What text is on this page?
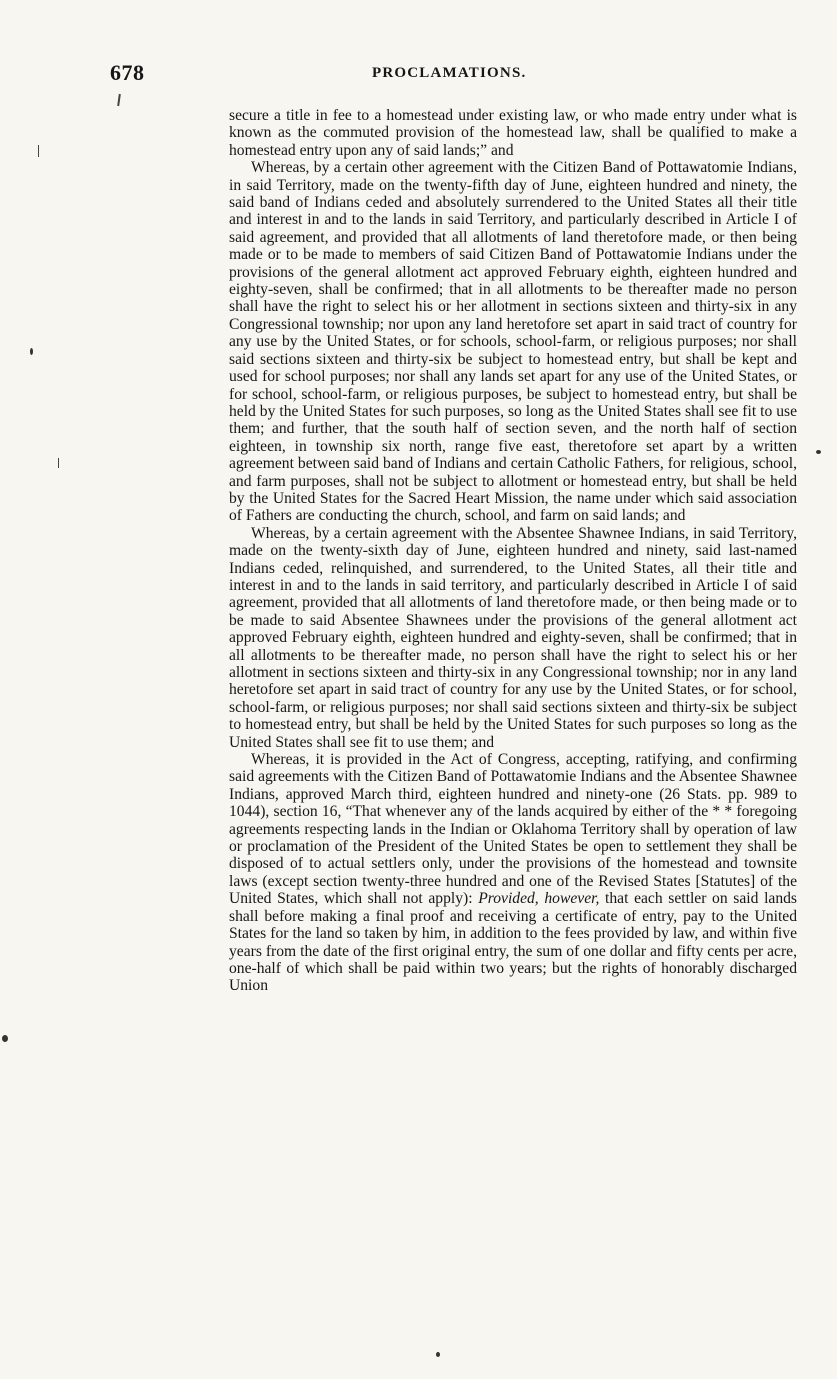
678	PROCLAMATIONS.

secure a title in fee to a homestead under existing law, or who made entry under what is known as the commuted provision of the homestead law, shall be qualified to make a homestead entry upon any of said lands;” and

Whereas, by a certain other agreement with the Citizen Band of Pottawatomie Indians, in said Territory, made on the twenty-fifth day of June, eighteen hundred and ninety, the said band of Indians ceded and absolutely surrendered to the United States all their title and interest in and to the lands in said Territory, and particularly described in Article I of said agreement, and provided that all allotments of land theretofore made, or then being made or to be made to members of said Citizen Band of Pottawatomie Indians under the provisions of the general allotment act approved February eighth, eighteen hundred and eighty-seven, shall be confirmed; that in all allotments to be thereafter made no person shall have the right to select his or her allotment in sections sixteen and thirty-six in any Congressional township; nor upon any land heretofore set apart in said tract of country for any use by the United States, or for schools, school-farm, or religious purposes; nor shall said sections sixteen and thirty-six be subject to homestead entry, but shall be kept and used for school purposes; nor shall any lands set apart for any use of the United States, or for school, school-farm, or religious purposes, be subject to homestead entry, but shall be held by the United States for such purposes, so long as the United States shall see fit to use them; and further, that the south half of section seven, and the north half of section eighteen, in township six north, range five east, theretofore set apart by a written agreement between said band of Indians and certain Catholic Fathers, for religious, school, and farm purposes, shall not be subject to allotment or homestead entry, but shall be held by the United States for the Sacred Heart Mission, the name under which said association of Fathers are conducting the church, school, and farm on said lands; and

Whereas, by a certain agreement with the Absentee Shawnee Indians, in said Territory, made on the twenty-sixth day of June, eighteen hundred and ninety, said last-named Indians ceded, relinquished, and surrendered, to the United States, all their title and interest in and to the lands in said territory, and particularly described in Article I of said agreement, provided that all allotments of land theretofore made, or then being made or to be made to said Absentee Shawnees under the provisions of the general allotment act approved February eighth, eighteen hundred and eighty-seven, shall be confirmed; that in all allotments to be thereafter made, no person shall have the right to select his or her allotment in sections sixteen and thirty-six in any Congressional township; nor in any land heretofore set apart in said tract of country for any use by the United States, or for school, school-farm, or religious purposes; nor shall said sections sixteen and thirty-six be subject to homestead entry, but shall be held by the United States for such purposes so long as the United States shall see fit to use them; and

Whereas, it is provided in the Act of Congress, accepting, ratifying, and confirming said agreements with the Citizen Band of Pottawatomie Indians and the Absentee Shawnee Indians, approved March third, eighteen hundred and ninety-one (26 Stats. pp. 989 to 1044), section 16, “That whenever any of the lands acquired by either of the * * foregoing agreements respecting lands in the Indian or Oklahoma Territory shall by operation of law or proclamation of the President of the United States be open to settlement they shall be disposed of to actual settlers only, under the provisions of the homestead and townsite laws (except section twenty-three hundred and one of the Revised States [Statutes] of the United States, which shall not apply): Provided, however, that each settler on said lands shall before making a final proof and receiving a certificate of entry, pay to the United States for the land so taken by him, in addition to the fees provided by law, and within five years from the date of the first original entry, the sum of one dollar and fifty cents per acre, one-half of which shall be paid within two years; but the rights of honorably discharged Union
